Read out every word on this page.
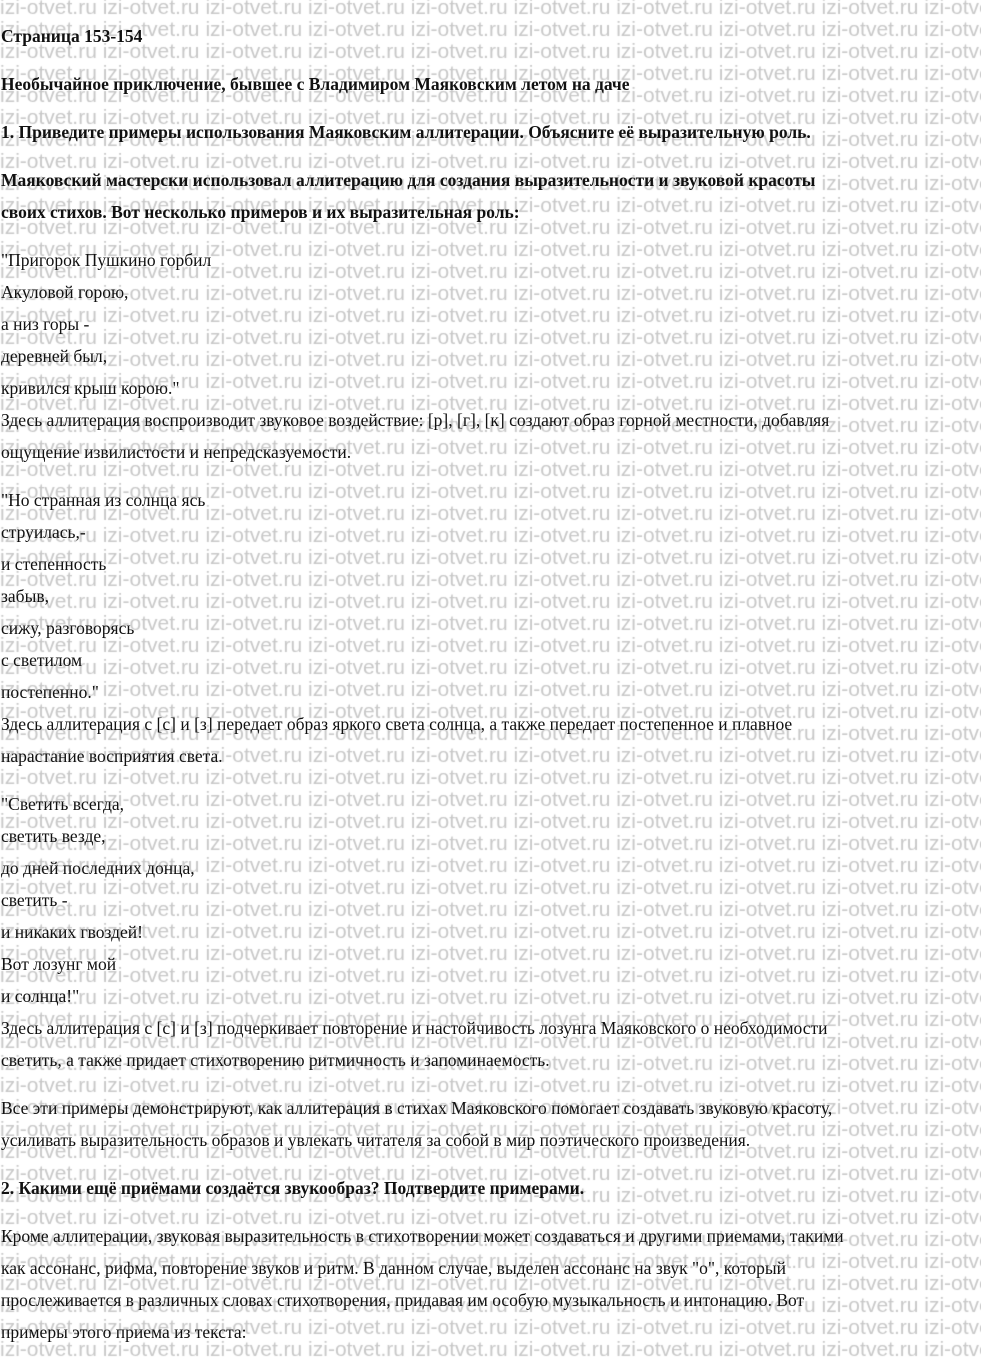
Страница 153-154
Необычайное приключение, бывшее с Владимиром Маяковским летом на даче
1. Приведите примеры использования Маяковским аллитерации. Объясните её выразительную роль.
Маяковский мастерски использовал аллитерацию для создания выразительности и звуковой красоты
своих стихов. Вот несколько примеров и их выразительная роль:
"Пригорок Пушкино горбил
Акуловой горою,
а низ горы -
деревней был,
кривился крыш корою."
Здесь аллитерация воспроизводит звуковое воздействие: [р], [г], [к] создают образ горной местности, добавляя
ощущение извилистости и непредсказуемости.
"Но странная из солнца ясь
струилась,-
и степенность
забыв,
сижу, разговорясь
с светилом
постепенно."
Здесь аллитерация с [с] и [з] передает образ яркого света солнца, а также передает постепенное и плавное
нарастание восприятия света.
"Светить всегда,
светить везде,
до дней последних донца,
светить -
и никаких гвоздей!
Вот лозунг мой
и солнца!"
Здесь аллитерация с [с] и [з] подчеркивает повторение и настойчивость лозунга Маяковского о необходимости
светить, а также придает стихотворению ритмичность и запоминаемость.
Все эти примеры демонстрируют, как аллитерация в стихах Маяковского помогает создавать звуковую красоту,
усиливать выразительность образов и увлекать читателя за собой в мир поэтического произведения.
2. Какими ещё приёмами создаётся звукообраз? Подтвердите примерами.
Кроме аллитерации, звуковая выразительность в стихотворении может создаваться и другими приемами, такими
как ассонанс, рифма, повторение звуков и ритм. В данном случае, выделен ассонанс на звук "о", который
прослеживается в различных словах стихотворения, придавая им особую музыкальность и интонацию. Вот
примеры этого приема из текста:
